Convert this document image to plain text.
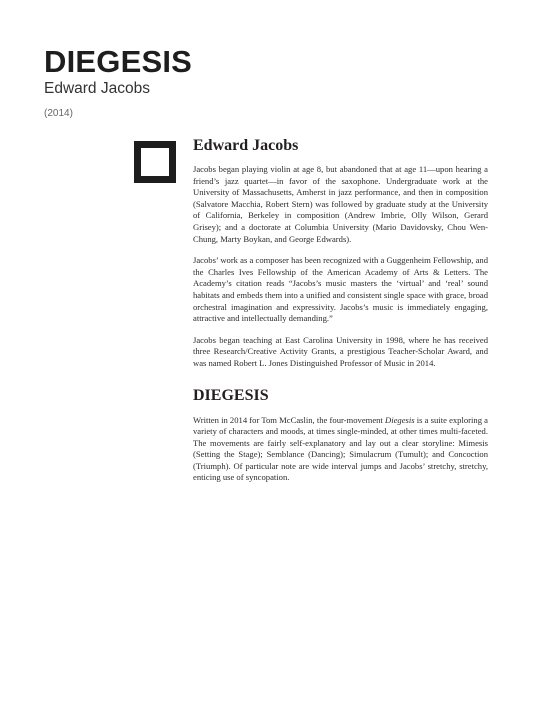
DIEGESIS
Edward Jacobs
(2014)
Edward Jacobs

Jacobs began playing violin at age 8, but abandoned that at age 11—upon hearing a friend’s jazz quartet—in favor of the saxophone. Undergraduate work at the University of Massachusetts, Amherst in jazz performance, and then in composition (Salvatore Macchia, Robert Stern) was followed by graduate study at the University of California, Berkeley in composition (Andrew Imbrie, Olly Wilson, Gerard Grisey); and a doctorate at Columbia University (Mario Davidovsky, Chou Wen-Chung, Marty Boykan, and George Edwards).

Jacobs’ work as a composer has been recognized with a Guggenheim Fellowship, and the Charles Ives Fellowship of the American Academy of Arts & Letters. The Academy’s citation reads “Jacobs’s music masters the ‘virtual’ and ‘real’ sound habitats and embeds them into a unified and consistent single space with grace, broad orchestral imagination and expressivity. Jacobs’s music is immediately engaging, attractive and intellectually demanding.”

Jacobs began teaching at East Carolina University in 1998, where he has received three Research/Creative Activity Grants, a prestigious Teacher-Scholar Award, and was named Robert L. Jones Distinguished Professor of Music in 2014.

DIEGESIS

Written in 2014 for Tom McCaslin, the four-movement Diegesis is a suite exploring a variety of characters and moods, at times single-minded, at other times multi-faceted. The movements are fairly self-explanatory and lay out a clear storyline: Mimesis (Setting the Stage); Semblance (Dancing); Simulacrum (Tumult); and Concoction (Triumph). Of particular note are wide interval jumps and Jacobs’ stretchy, stretchy, enticing use of syncopation.
